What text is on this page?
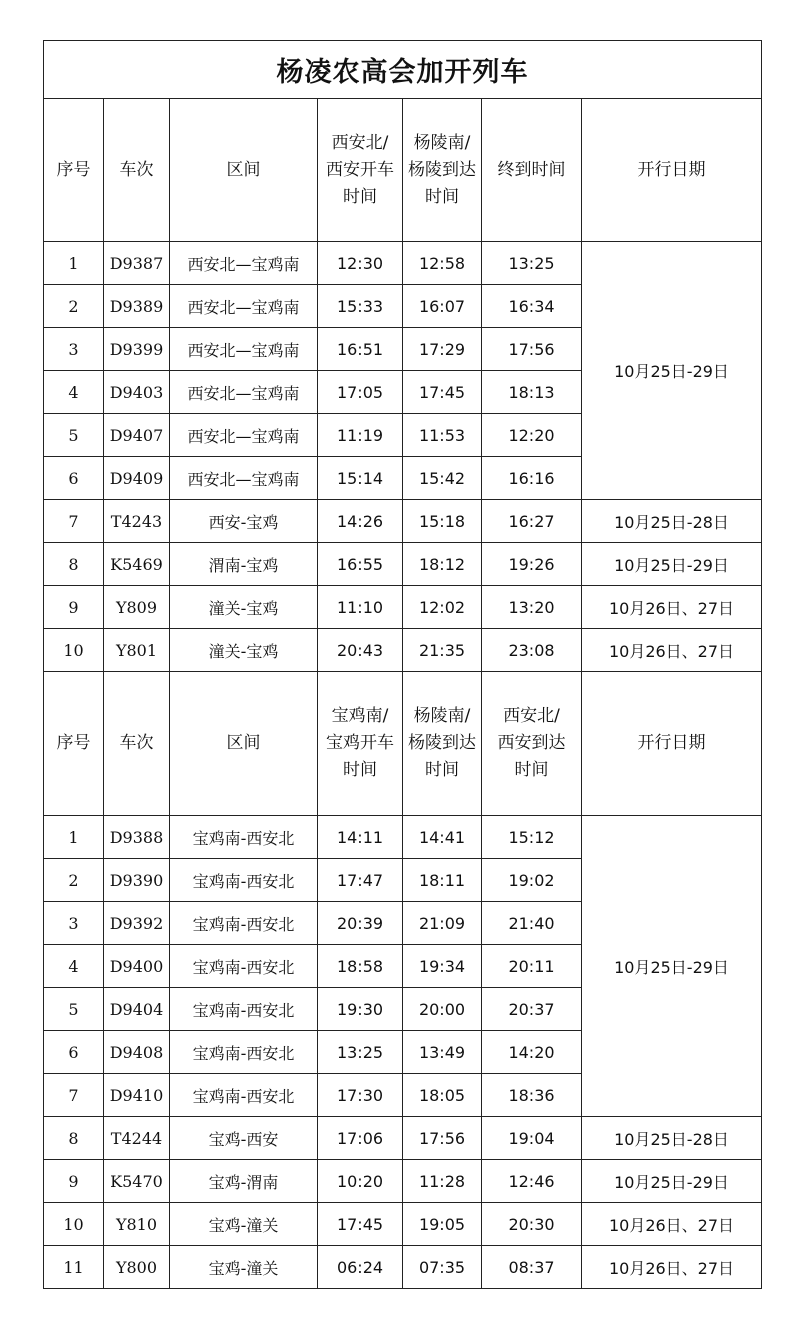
杨凌农高会加开列车						
序号	车次	区间	西安北/西安开车时间	杨陵南/杨陵到达时间	终到时间	开行日期
1	D9387	西安北—宝鸡南	12:30	12:58	13:25	10月25日-29日
2	D9389	西安北—宝鸡南	15:33	16:07	16:34	
3	D9399	西安北—宝鸡南	16:51	17:29	17:56	
4	D9403	西安北—宝鸡南	17:05	17:45	18:13	
5	D9407	西安北—宝鸡南	11:19	11:53	12:20	
6	D9409	西安北—宝鸡南	15:14	15:42	16:16	
7	T4243	西安-宝鸡	14:26	15:18	16:27	10月25日-28日
8	K5469	渭南-宝鸡	16:55	18:12	19:26	10月25日-29日
9	Y809	潼关-宝鸡	11:10	12:02	13:20	10月26日、27日
10	Y801	潼关-宝鸡	20:43	21:35	23:08	10月26日、27日
序号	车次	区间	宝鸡南/宝鸡开车时间	杨陵南/杨陵到达时间	西安北/西安到达时间	开行日期
1	D9388	宝鸡南-西安北	14:11	14:41	15:12	10月25日-29日
2	D9390	宝鸡南-西安北	17:47	18:11	19:02	
3	D9392	宝鸡南-西安北	20:39	21:09	21:40	
4	D9400	宝鸡南-西安北	18:58	19:34	20:11	
5	D9404	宝鸡南-西安北	19:30	20:00	20:37	
6	D9408	宝鸡南-西安北	13:25	13:49	14:20	
7	D9410	宝鸡南-西安北	17:30	18:05	18:36	
8	T4244	宝鸡-西安	17:06	17:56	19:04	10月25日-28日
9	K5470	宝鸡-渭南	10:20	11:28	12:46	10月25日-29日
10	Y810	宝鸡-潼关	17:45	19:05	20:30	10月26日、27日
11	Y800	宝鸡-潼关	06:24	07:35	08:37	10月26日、27日
